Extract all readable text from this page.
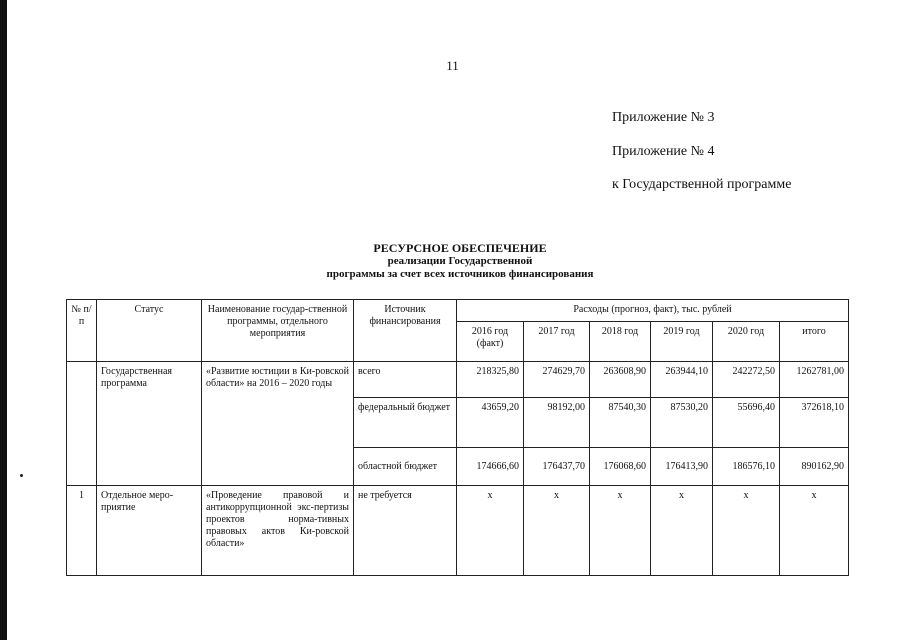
11
Приложение № 3
Приложение № 4
к Государственной программе
РЕСУРСНОЕ ОБЕСПЕЧЕНИЕ
реализации Государственной
программы за счет всех источников финансирования
№ п/п	Статус	Наименование государ-ственной программы, отдельного мероприятия	Источник финансирования	Расходы (прогноз, факт), тыс. рублей					
				2016 год (факт)	2017 год	2018 год	2019 год	2020 год	итого
	Государственная программа	«Развитие юстиции в Ки-ровской области» на 2016 – 2020 годы	всего	218325,80	274629,70	263608,90	263944,10	242272,50	1262781,00
			федеральный бюджет	43659,20	98192,00	87540,30	87530,20	55696,40	372618,10
			областной бюджет	174666,60	176437,70	176068,60	176413,90	186576,10	890162,90
1	Отдельное меро-приятие	«Проведение правовой и антикоррупционной экс-пертизы проектов норма-тивных правовых актов Ки-ровской области»	не требуется	x	x	x	x	x	x
